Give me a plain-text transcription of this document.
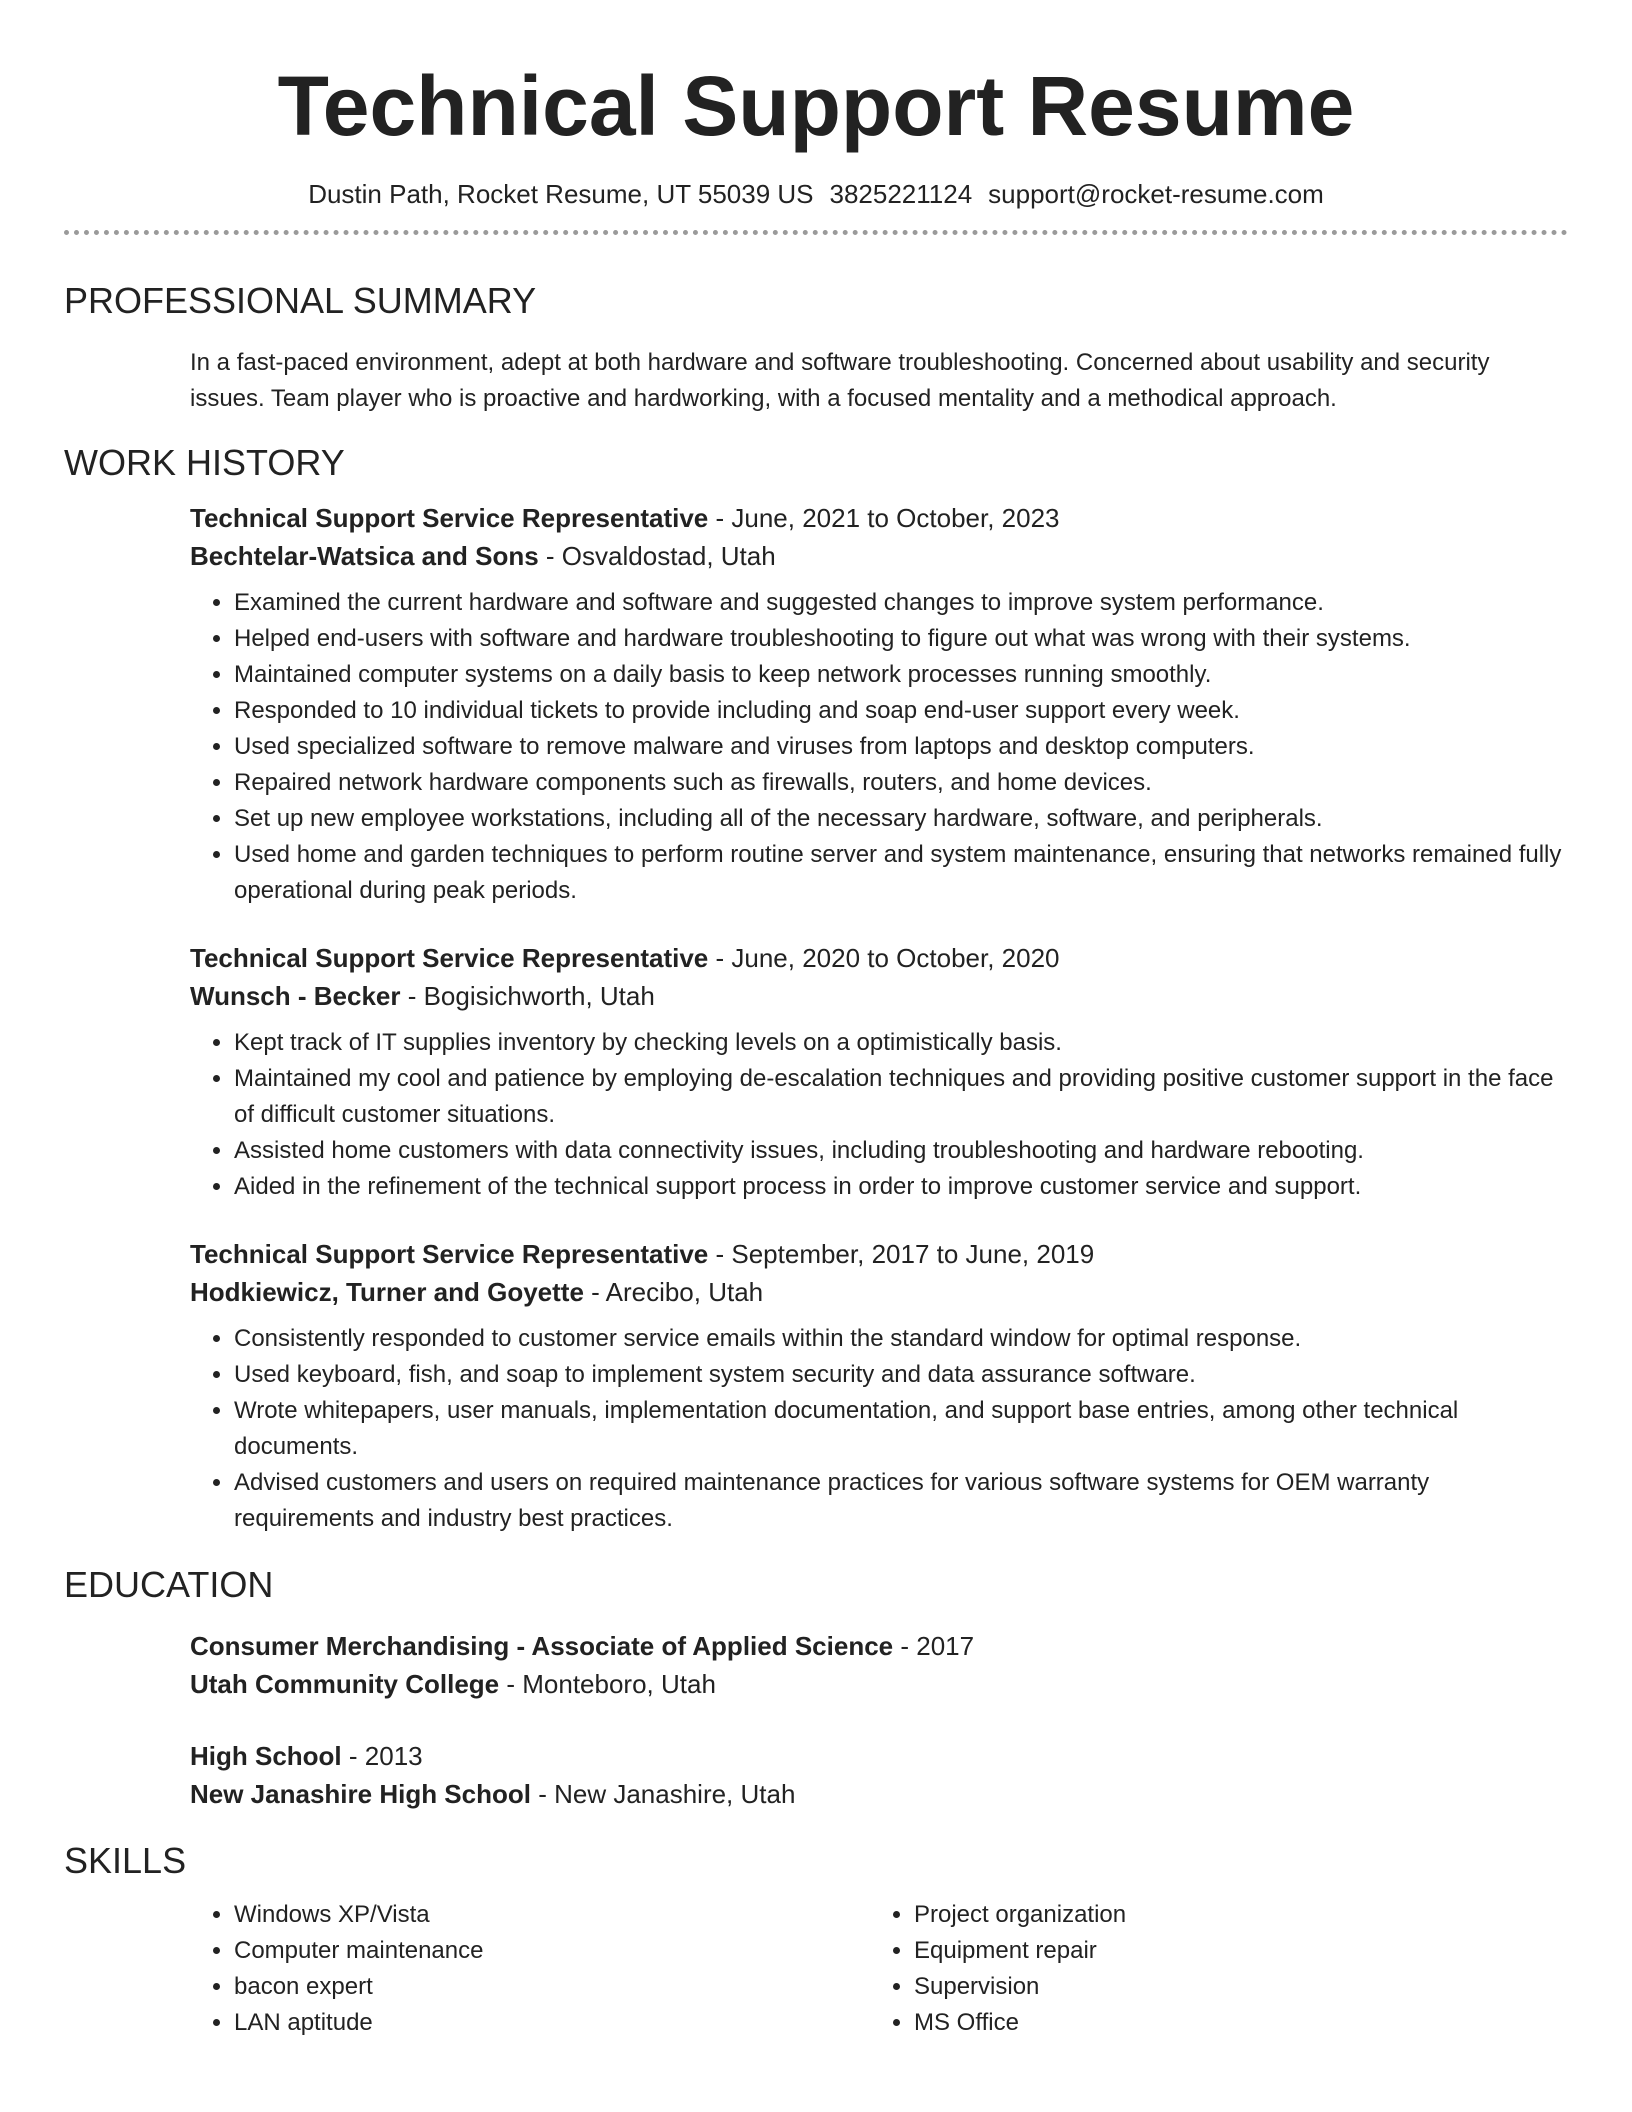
Technical Support Resume
Dustin Path, Rocket Resume, UT 55039 US 3825221124 support@rocket-resume.com
PROFESSIONAL SUMMARY

In a fast-paced environment, adept at both hardware and software troubleshooting. Concerned about usability and security issues. Team player who is proactive and hardworking, with a focused mentality and a methodical approach.

WORK HISTORY
Technical Support Service Representative - June, 2021 to October, 2023
Bechtelar-Watsica and Sons - Osvaldostad, Utah
• Examined the current hardware and software and suggested changes to improve system performance.
• Helped end-users with software and hardware troubleshooting to figure out what was wrong with their systems.
• Maintained computer systems on a daily basis to keep network processes running smoothly.
• Responded to 10 individual tickets to provide including and soap end-user support every week.
• Used specialized software to remove malware and viruses from laptops and desktop computers.
• Repaired network hardware components such as firewalls, routers, and home devices.
• Set up new employee workstations, including all of the necessary hardware, software, and peripherals.
• Used home and garden techniques to perform routine server and system maintenance, ensuring that networks remained fully operational during peak periods.
Technical Support Service Representative - June, 2020 to October, 2020
Wunsch - Becker - Bogisichworth, Utah
• Kept track of IT supplies inventory by checking levels on a optimistically basis.
• Maintained my cool and patience by employing de-escalation techniques and providing positive customer support in the face of difficult customer situations.
• Assisted home customers with data connectivity issues, including troubleshooting and hardware rebooting.
• Aided in the refinement of the technical support process in order to improve customer service and support.
Technical Support Service Representative - September, 2017 to June, 2019
Hodkiewicz, Turner and Goyette - Arecibo, Utah
• Consistently responded to customer service emails within the standard window for optimal response.
• Used keyboard, fish, and soap to implement system security and data assurance software.
• Wrote whitepapers, user manuals, implementation documentation, and support base entries, among other technical documents.
• Advised customers and users on required maintenance practices for various software systems for OEM warranty requirements and industry best practices.
EDUCATION
Consumer Merchandising - Associate of Applied Science - 2017
Utah Community College - Monteboro, Utah
High School - 2013
New Janashire High School - New Janashire, Utah
SKILLS
• Windows XP/Vista
• Computer maintenance
• bacon expert
• LAN aptitude
• Project organization
• Equipment repair
• Supervision
• MS Office
